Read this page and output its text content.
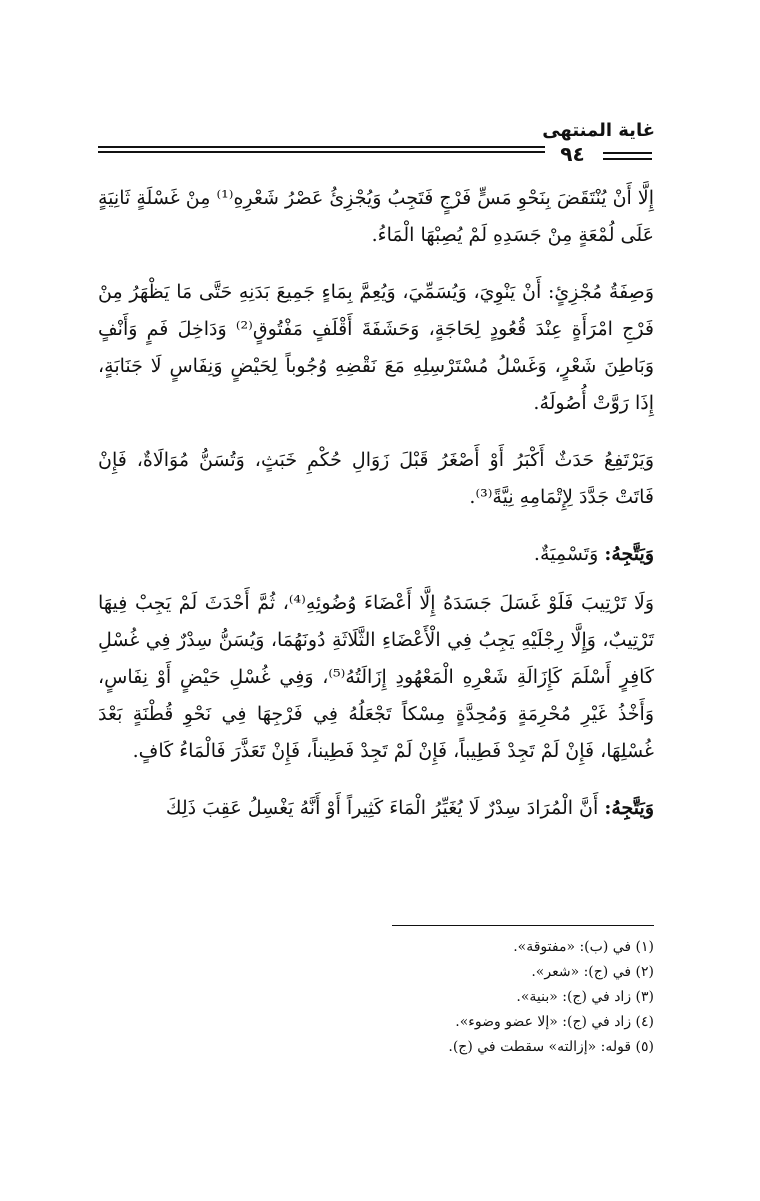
غاية المنتهى
٩٤

إِلَّا أَنْ يُنْتَقَضَ بِنَحْوِ مَسٍّ فَرْجٍ فَتَجِبُ وَيُجْزِئُ عَصْرُ شَعْرِهِ⁽¹⁾ مِنْ غَسْلَةٍ ثَانِيَةٍ عَلَى لُمْعَةٍ مِنْ جَسَدِهِ لَمْ يُصِبْهَا الْمَاءُ.

وَصِفَةُ مُجْزِئٍ: أَنْ يَنْوِيَ، وَيُسَمِّيَ، وَيُعِمَّ بِمَاءٍ جَمِيعَ بَدَنِهِ حَتَّى مَا يَظْهَرُ مِنْ فَرْجِ امْرَأَةٍ عِنْدَ قُعُودٍ لِحَاجَةٍ، وَحَشَفَةَ أَقْلَفٍ مَفْتُوقٍ⁽²⁾ وَدَاخِلَ فَمٍ وَأَنْفٍ وَبَاطِنَ شَعْرٍ، وَغَسْلُ مُسْتَرْسِلِهِ مَعَ نَقْضِهِ وُجُوباً لِحَيْضٍ وَنِفَاسٍ لَا جَنَابَةٍ، إِذَا رَوَّتْ أُصُولَهُ.

وَيَرْتَفِعُ حَدَثٌ أَكْبَرُ أَوْ أَصْغَرُ قَبْلَ زَوَالِ حُكْمِ خَبَثٍ، وَتُسَنُّ مُوَالَاةٌ، فَإِنْ فَاتَتْ جَدَّدَ لِإِتْمَامِهِ نِيَّةً⁽³⁾.

وَيَتَّجِهُ: وَتَسْمِيَةٌ.

وَلَا تَرْتِيبَ فَلَوْ غَسَلَ جَسَدَهُ إِلَّا أَعْضَاءَ وُضُوئِهِ⁽⁴⁾، ثُمَّ أَحْدَثَ لَمْ يَجِبْ فِيهَا تَرْتِيبٌ، وَإِلَّا رِجْلَيْهِ يَجِبُ فِي الْأَعْضَاءِ الثَّلَاثَةِ دُونَهُمَا، وَيُسَنُّ سِدْرٌ فِي غُسْلِ كَافِرٍ أَسْلَمَ كَإِزَالَةِ شَعْرِهِ الْمَعْهُودِ إِزَالَتُهُ⁽⁵⁾، وَفِي غُسْلِ حَيْضٍ أَوْ نِفَاسٍ، وَأَخْذُ غَيْرِ مُحْرِمَةٍ وَمُحِدَّةٍ مِسْكاً تَجْعَلُهُ فِي فَرْجِهَا فِي نَحْوِ قُطْنَةٍ بَعْدَ غُسْلِهَا، فَإِنْ لَمْ تَجِدْ فَطِيباً، فَإِنْ لَمْ تَجِدْ فَطِيناً، فَإِنْ تَعَذَّرَ فَالْمَاءُ كَافٍ.

وَيَتَّجِهُ: أَنَّ الْمُرَادَ سِدْرٌ لَا يُغَيِّرُ الْمَاءَ كَثِيراً أَوْ أَنَّهُ يَغْسِلُ عَقِبَ ذَلِكَ

(١) في (ب): «مفتوقة».
(٢) في (ج): «شعر».
(٣) زاد في (ج): «بنية».
(٤) زاد في (ج): «إلا عضو وضوء».
(٥) قوله: «إزالته» سقطت في (ج).
